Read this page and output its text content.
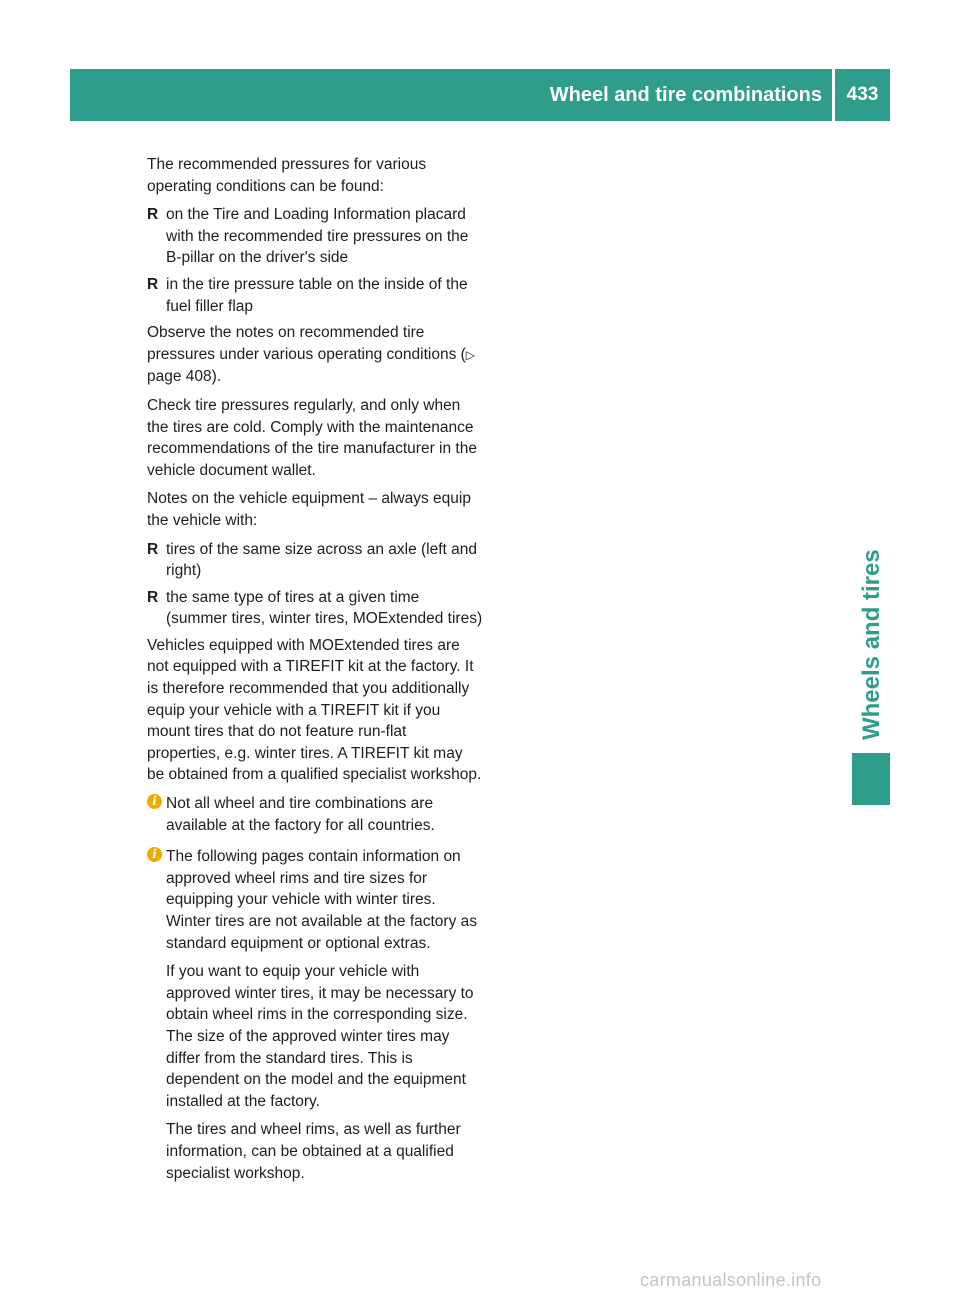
Wheel and tire combinations	433
Wheels and tires

The recommended pressures for various operating conditions can be found:

R on the Tire and Loading Information placard with the recommended tire pressures on the B-pillar on the driver's side
R in the tire pressure table on the inside of the fuel filler flap

Observe the notes on recommended tire pressures under various operating conditions (▷ page 408).

Check tire pressures regularly, and only when the tires are cold. Comply with the maintenance recommendations of the tire manufacturer in the vehicle document wallet.

Notes on the vehicle equipment – always equip the vehicle with:

R tires of the same size across an axle (left and right)
R the same type of tires at a given time (summer tires, winter tires, MOExtended tires)

Vehicles equipped with MOExtended tires are not equipped with a TIREFIT kit at the factory. It is therefore recommended that you additionally equip your vehicle with a TIREFIT kit if you mount tires that do not feature run-flat properties, e.g. winter tires. A TIREFIT kit may be obtained from a qualified specialist workshop.

i Not all wheel and tire combinations are available at the factory for all countries.

i The following pages contain information on approved wheel rims and tire sizes for equipping your vehicle with winter tires. Winter tires are not available at the factory as standard equipment or optional extras.

If you want to equip your vehicle with approved winter tires, it may be necessary to obtain wheel rims in the corresponding size. The size of the approved winter tires may differ from the standard tires. This is dependent on the model and the equipment installed at the factory.

The tires and wheel rims, as well as further information, can be obtained at a qualified specialist workshop.

carmanualsonline.info
